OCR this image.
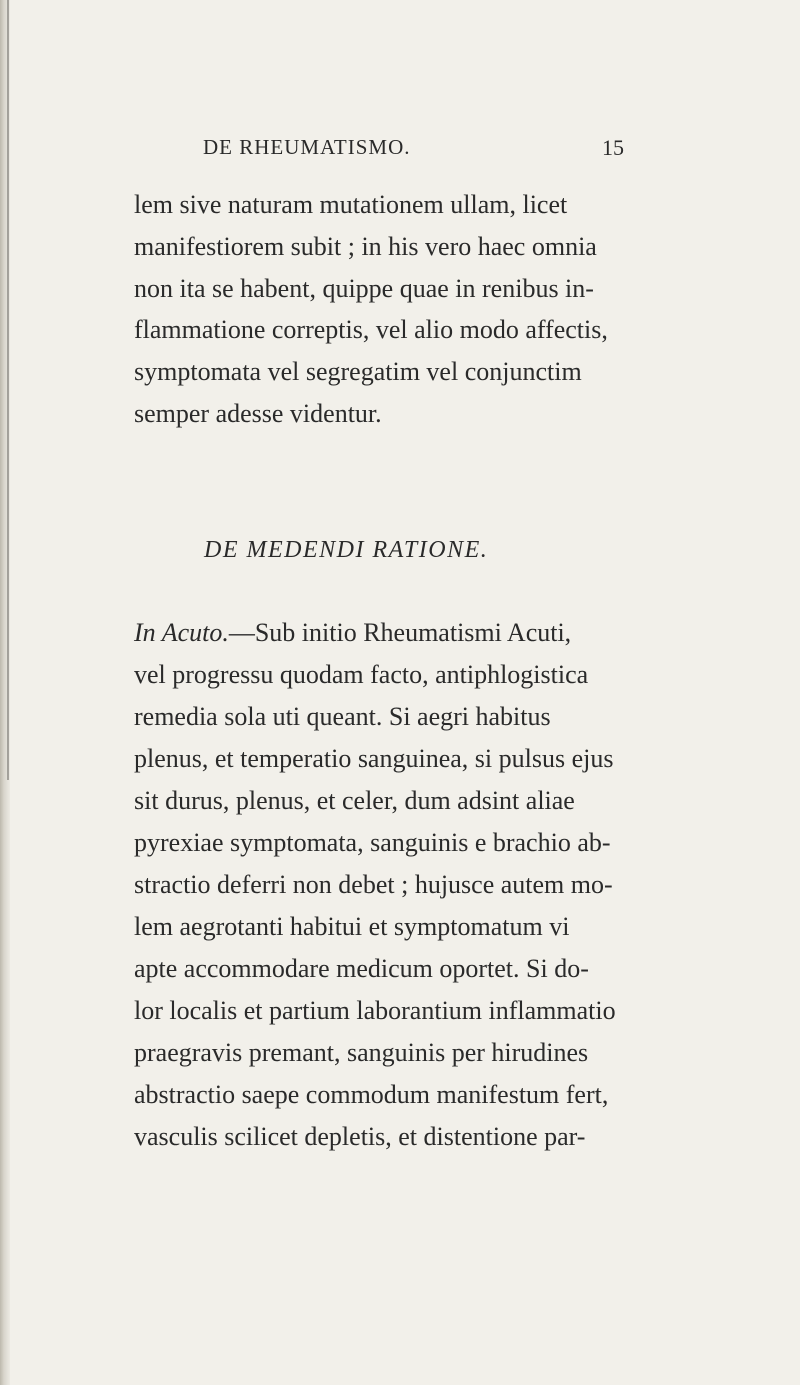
DE RHEUMATISMO.	15
lem sive naturam mutationem ullam, licet
manifestiorem subit ; in his vero haec omnia
non ita se habent, quippe quae in renibus in-
flammatione correptis, vel alio modo affectis,
symptomata vel segregatim vel conjunctim
semper adesse videntur.
DE MEDENDI RATIONE.
In Acuto.—Sub initio Rheumatismi Acuti,
vel progressu quodam facto, antiphlogistica
remedia sola uti queant. Si aegri habitus
plenus, et temperatio sanguinea, si pulsus ejus
sit durus, plenus, et celer, dum adsint aliae
pyrexiae symptomata, sanguinis e brachio ab-
stractio deferri non debet ; hujusce autem mo-
lem aegrotanti habitui et symptomatum vi
apte accommodare medicum oportet. Si do-
lor localis et partium laborantium inflammatio
praegravis premant, sanguinis per hirudines
abstractio saepe commodum manifestum fert,
vasculis scilicet depletis, et distentione par-
